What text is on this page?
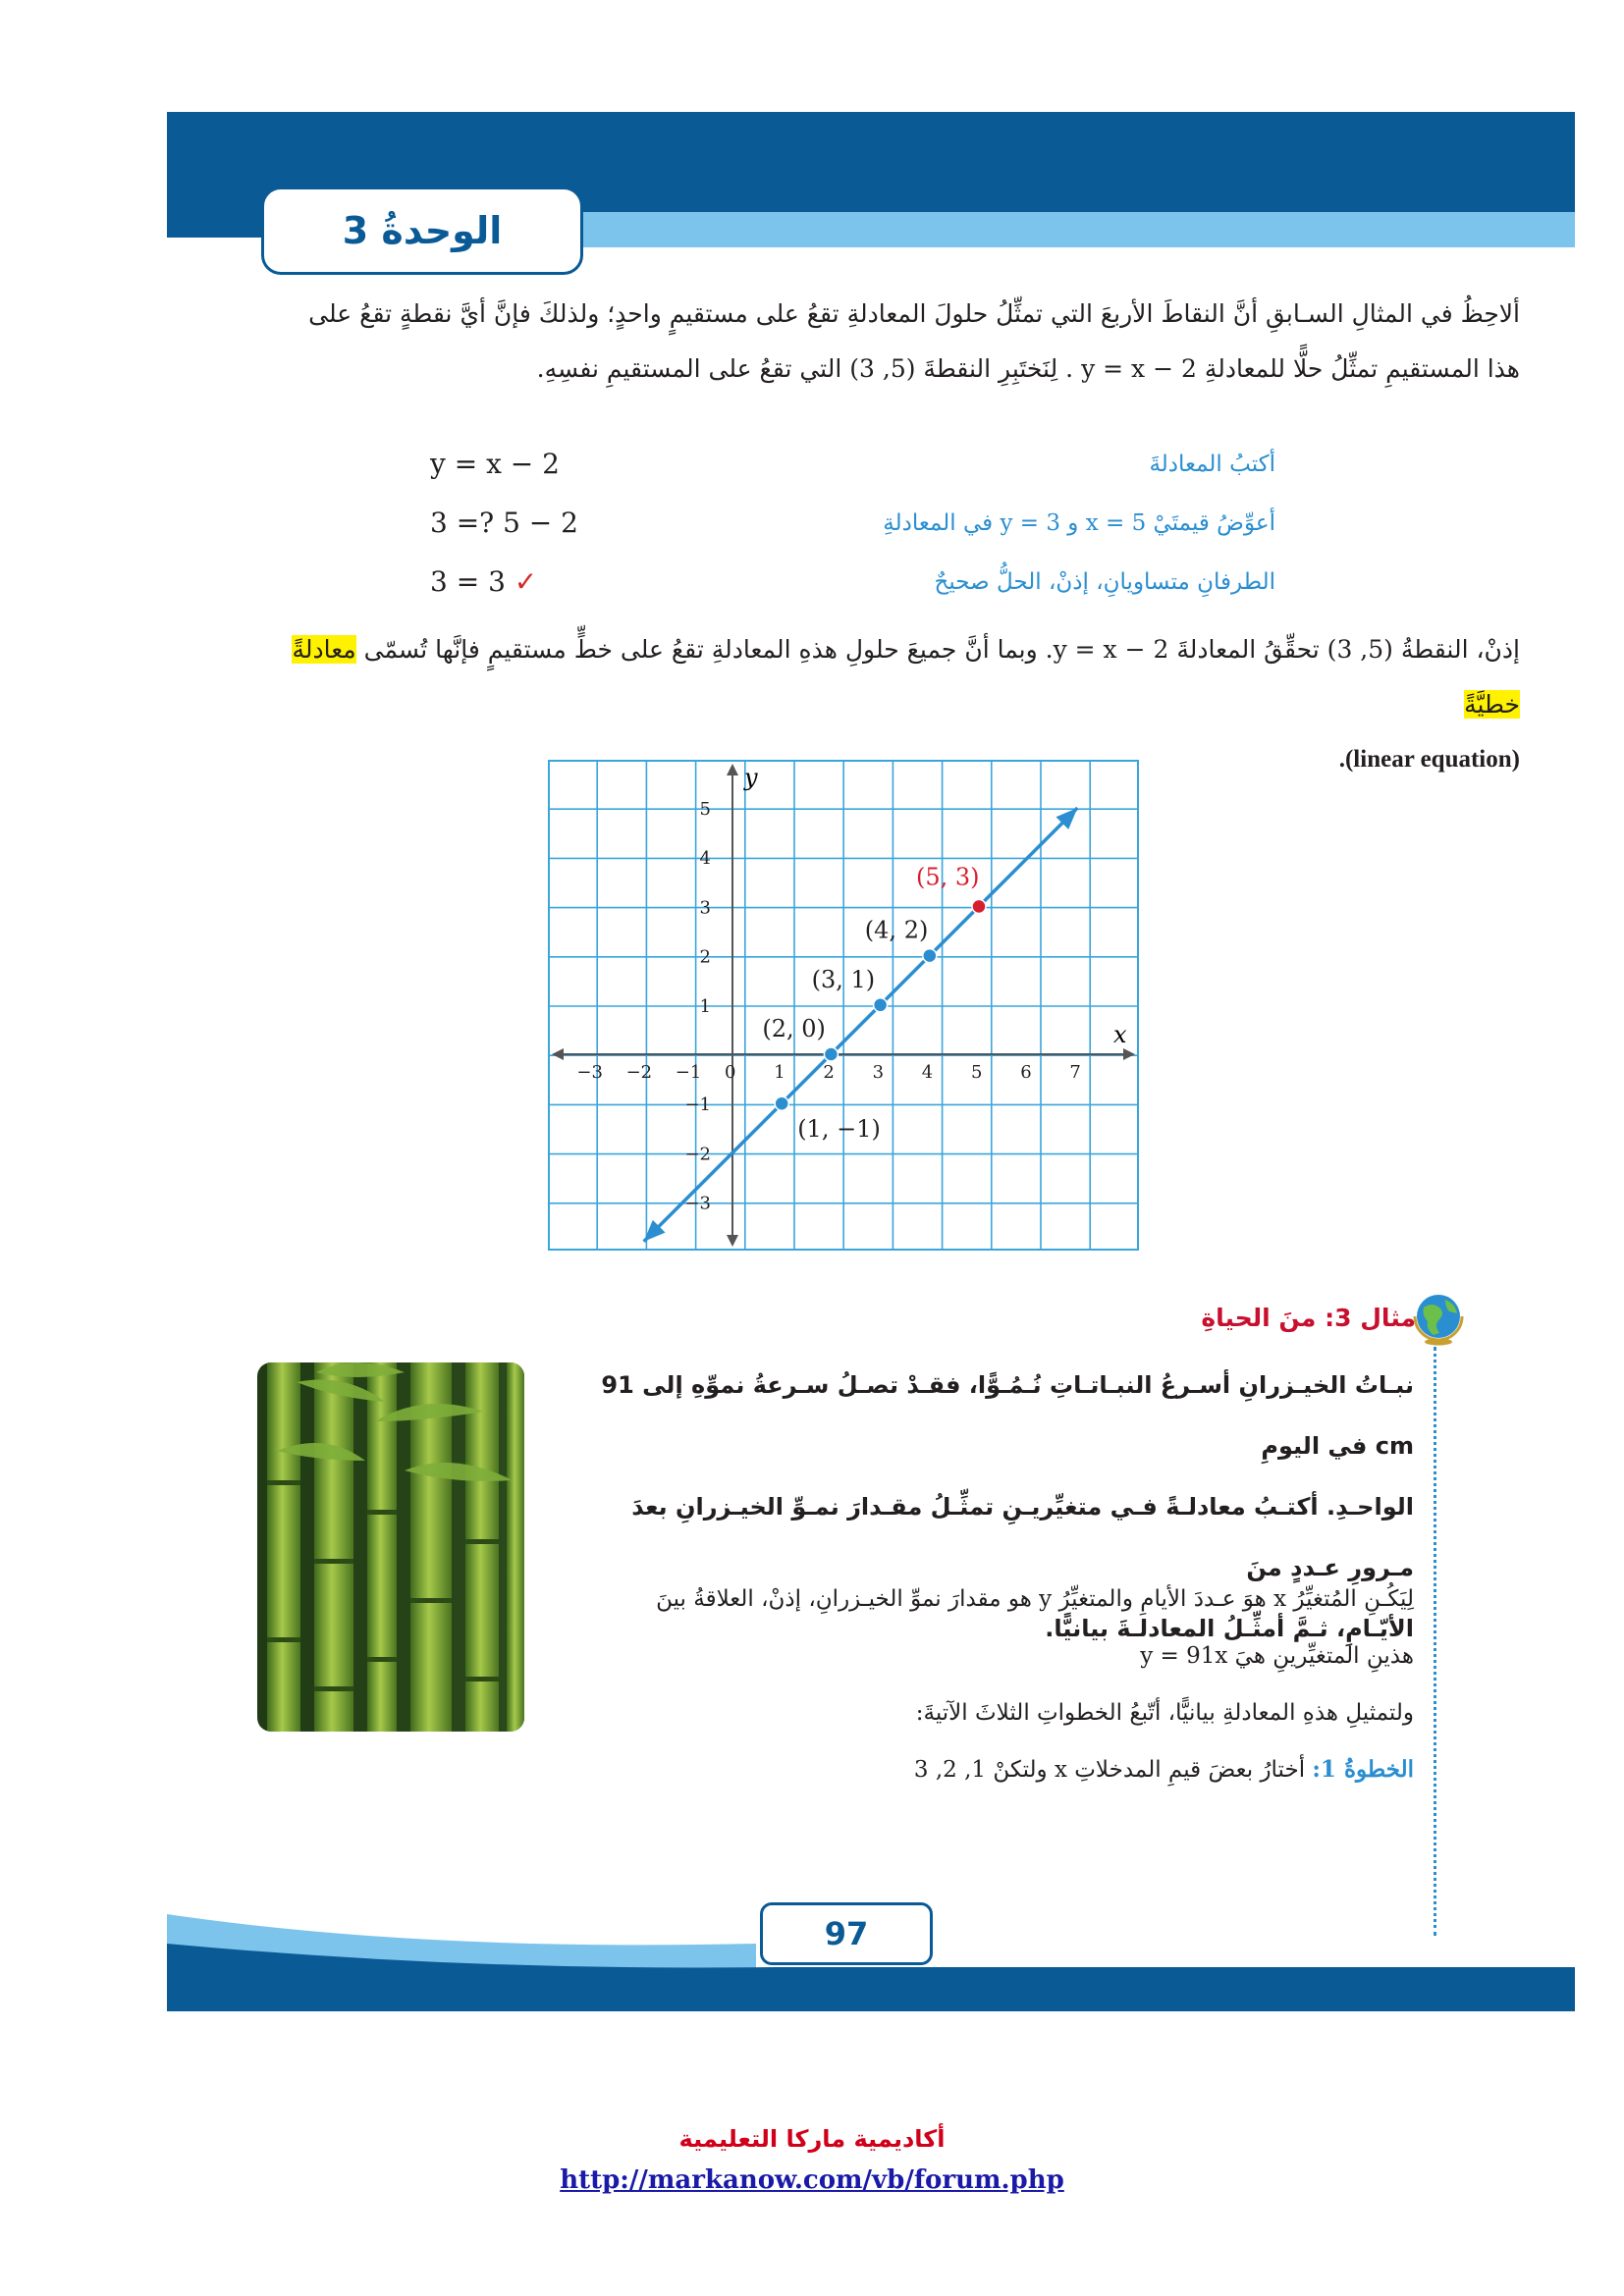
الوحدةُ 3
ألاحِظُ في المثالِ السـابقِ أنَّ النقاطَ الأربعَ التي تمثِّلُ حلولَ المعادلةِ تقعُ على مستقيمٍ واحدٍ؛ ولذلكَ فإنَّ أيَّ نقطةٍ تقعُ على
هذا المستقيمِ تمثِّلُ حلًّا للمعادلةِ y = x − 2 . لِنَختَبِرِ النقطةَ (5, 3) التي تقعُ على المستقيمِ نفسِهِ.
أكتبُ المعادلةَ
y = x − 2
أعوِّضُ قيمتَيْ x = 5 و y = 3 في المعادلةِ
3 =? 5 − 2
الطرفانِ متساويانِ، إذنْ، الحلُّ صحيحٌ
3 = 3 ✓
إذنْ، النقطةُ (5, 3) تحقِّقُ المعادلةَ y = x − 2. وبما أنَّ جميعَ حلولِ هذهِ المعادلةِ تقعُ على خطٍّ مستقيمٍ فإنَّها تُسمّى معادلةً خطيَّةً
(linear equation).
x
y
−3 −2 −1 0 1 2 3 4 5 6 7
5
4
3
2
1
−1
−2
−3
(1, −1)
(2, 0)
(3, 1)
(4, 2)
(5, 3)
مثال 3: منَ الحياةِ
نبـاتُ الخيـزرانِ أسـرعُ النبـاتـاتِ نُـمُـوًّا، فقـدْ تصـلُ سـرعةُ نموِّهِ إلى 91 cm في اليومِ
الواحـدِ. أكتـبُ معادلـةً فـي متغيِّريـنِ تمثِّـلُ مقـدارَ نمـوِّ الخيـزرانِ بعدَ مـرورِ عـددٍ منَ
الأيّـامِ، ثـمَّ أمثِّـلُ المعادلـةَ بيانيًّا.
لِيَكُـنِ المُتغيِّرُ x هوَ عـددَ الأيامِ والمتغيِّرُ y هو مقدارَ نموِّ الخيـزرانِ، إذنْ، العلاقةُ بينَ
هذينِ المتغيِّرينِ هيَ y = 91x
ولتمثيلِ هذهِ المعادلةِ بيانيًّا، أتّبعُ الخطواتِ الثلاثَ الآتيةَ:
الخطوةُ 1: أختارُ بعضَ قيمِ المدخلاتِ x ولتكنْ 1, 2, 3
97
أكاديمية ماركا التعليمية
http://markanow.com/vb/forum.php
